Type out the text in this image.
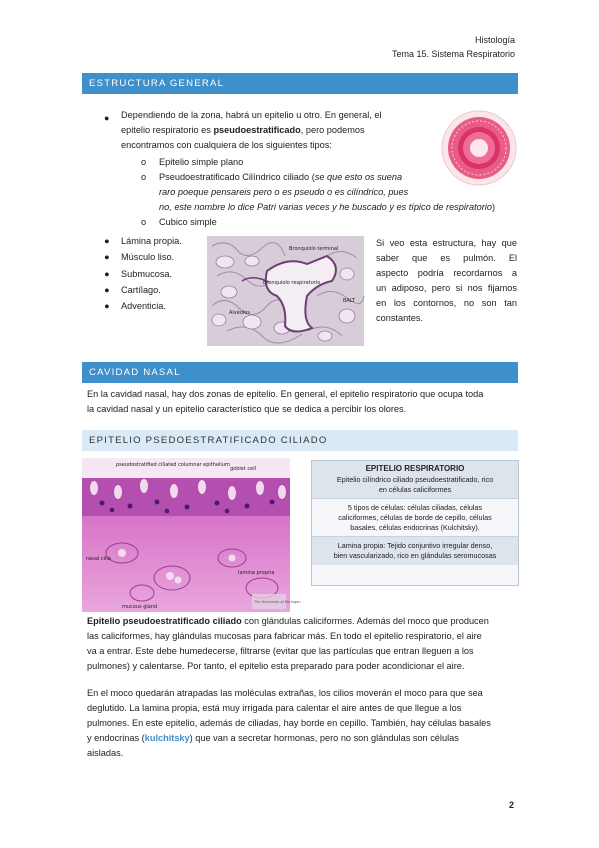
Histología
Tema 15. Sistema Respiratorio
ESTRUCTURA GENERAL
● Dependiendo de la zona, habrá un epitelio u otro. En general, el
epitelio respiratorio es pseudoestratificado, pero podemos
encontramos con cualquiera de los siguientes tipos:
o	Epitelio simple plano
o	Pseudoestratificado Cilíndrico ciliado (se que esto os suena
raro poeque pensareis pero o es pseudo o es cilíndrico, pues
no, este nombre lo dice Patri varias veces y he buscado y es típico de respiratorio)
o	Cubico simple
●	Lámina propia.
●	Músculo liso.
●	Submucosa.
●	Cartílago.
●	Adventicia.
Bronquiolo terminal
Bronquiolo respiratorio
Alvéolos
BALT
Si veo esta estructura, hay que
saber que es pulmón. El
aspecto podría recordarnos a
un adiposo, pero si nos fijamos
en los contornos, no son tan
constantes.
CAVIDAD NASAL
En la cavidad nasal, hay dos zonas de epitelio. En general, el epitelio respiratorio que ocupa toda
la cavidad nasal y un epitelio característico que se dedica a percibir los olores.
EPITELIO PSEDOESTRATIFICADO CILIADO
pseudostratified ciliated columnar epithelium
goblet cell
nasal cilia
lamina propria
mucous gland
The University of Michigan
EPITELIO RESPIRATORIO
Epitelio cilíndrico ciliado pseudoestratificado, rico
en células caliciformes
5 tipos de células: células ciliadas, células
caliciformes, células de borde de cepillo, células
basales, células endocrinas (Kulchitsky).
Lamina propia: Tejido conjuntivo irregular denso,
bien vascularizado, rico en glándulas seromucosas
Epitelio pseudoestratificado ciliado con glándulas caliciformes. Además del moco que producen
las caliciformes, hay glándulas mucosas para fabricar más. En todo el epitelio respiratorio, el aire
va a entrar. Este debe humedecerse, filtrarse (evitar que las partículas que entran lleguen a los
pulmones) y calentarse. Por tanto, el epitelio esta preparado para poder acondicionar el aire.
En el moco quedarán atrapadas las moléculas extrañas, los cilios moverán el moco para que sea
deglutido. La lamina propia, está muy irrigada para calentar el aire antes de que llegue a los
pulmones. En este epitelio, además de ciliadas, hay borde en cepillo. También, hay células basales
y endocrinas (kulchitsky) que van a secretar hormonas, pero no son glándulas son células
aisladas.
2
